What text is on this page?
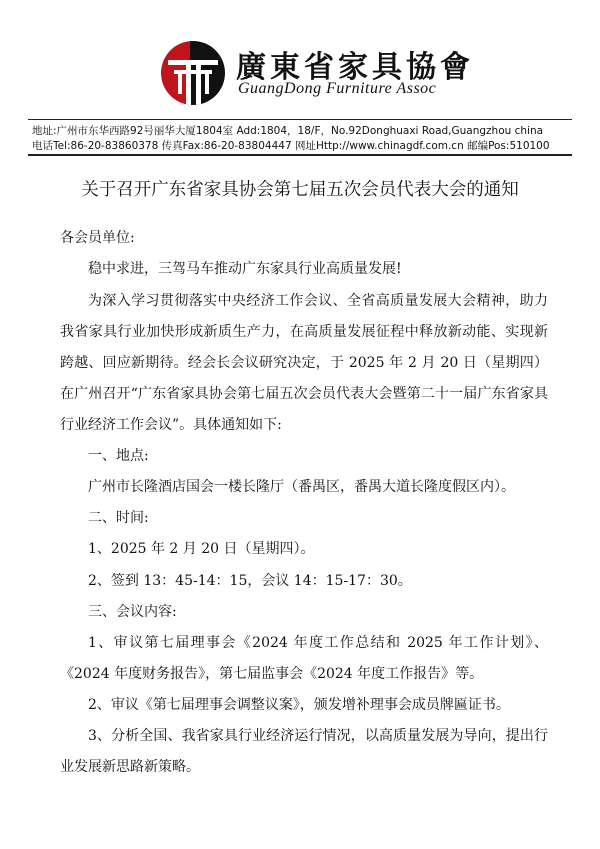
廣東省家具協會
GuangDong Furniture Assoc
地址:广州市东华西路92号丽华大厦1804室 Add:1804，18/F，No.92Donghuaxi Road,Guangzhou china
电话Tel:86-20-83860378 传真Fax:86-20-83804447 网址Http://www.chinagdf.com.cn 邮编Pos:510100
关于召开广东省家具协会第七届五次会员代表大会的通知
各会员单位:
稳中求进，三驾马车推动广东家具行业高质量发展!
为深入学习贯彻落实中央经济工作会议、全省高质量发展大会精神，助力我省家具行业加快形成新质生产力，在高质量发展征程中释放新动能、实现新跨越、回应新期待。经会长会议研究决定，于 2025 年 2 月 20 日（星期四）在广州召开“广东省家具协会第七届五次会员代表大会暨第二十一届广东省家具行业经济工作会议”。具体通知如下:
一、地点:
广州市长隆酒店国会一楼长隆厅（番禺区，番禺大道长隆度假区内）。
二、时间:
1、2025 年 2 月 20 日（星期四）。
2、签到 13：45-14：15，会议 14：15-17：30。
三、会议内容:
1、审议第七届理事会《2024 年度工作总结和 2025 年工作计划》、《2024 年度财务报告》，第七届监事会《2024 年度工作报告》等。
2、审议《第七届理事会调整议案》，颁发增补理事会成员牌匾证书。
3、分析全国、我省家具行业经济运行情况，以高质量发展为导向，提出行业发展新思路新策略。
